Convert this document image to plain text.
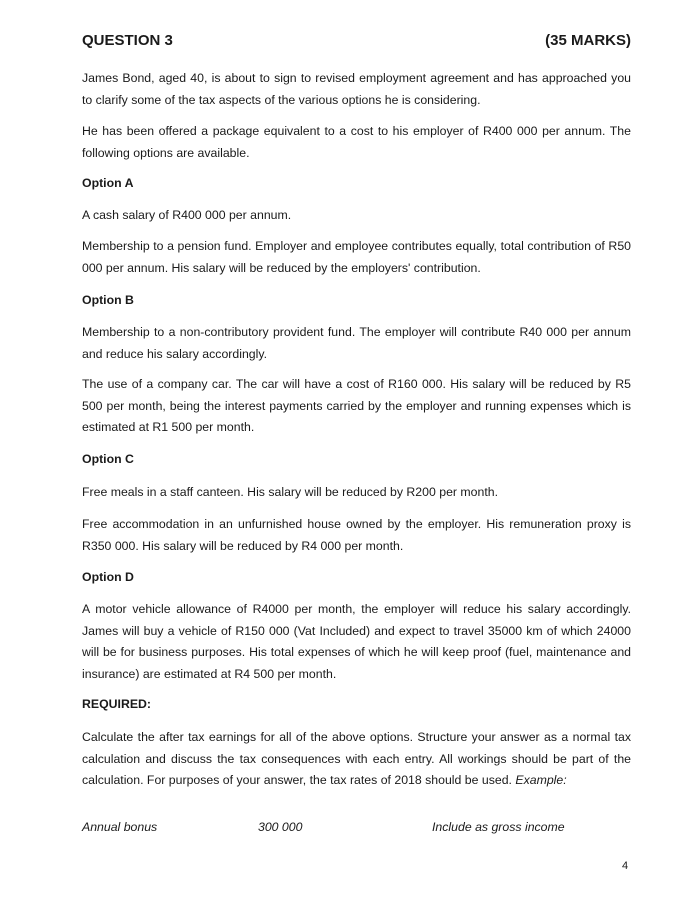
QUESTION 3	(35 MARKS)

James Bond, aged 40, is about to sign to revised employment agreement and has approached you to clarify some of the tax aspects of the various options he is considering.

He has been offered a package equivalent to a cost to his employer of R400 000 per annum. The following options are available.

Option A

A cash salary of R400 000 per annum.

Membership to a pension fund. Employer and employee contributes equally, total contribution of R50 000 per annum. His salary will be reduced by the employers' contribution.

Option B

Membership to a non-contributory provident fund. The employer will contribute R40 000 per annum and reduce his salary accordingly.

The use of a company car. The car will have a cost of R160 000. His salary will be reduced by R5 500 per month, being the interest payments carried by the employer and running expenses which is estimated at R1 500 per month.

Option C

Free meals in a staff canteen. His salary will be reduced by R200 per month.

Free accommodation in an unfurnished house owned by the employer. His remuneration proxy is R350 000. His salary will be reduced by R4 000 per month.

Option D

A motor vehicle allowance of R4000 per month, the employer will reduce his salary accordingly. James will buy a vehicle of R150 000 (Vat Included) and expect to travel 35000 km of which 24000 will be for business purposes. His total expenses of which he will keep proof (fuel, maintenance and insurance) are estimated at R4 500 per month.

REQUIRED:

Calculate the after tax earnings for all of the above options. Structure your answer as a normal tax calculation and discuss the tax consequences with each entry. All workings should be part of the calculation. For purposes of your answer, the tax rates of 2018 should be used. Example:

Annual bonus	300 000	Include as gross income
4
